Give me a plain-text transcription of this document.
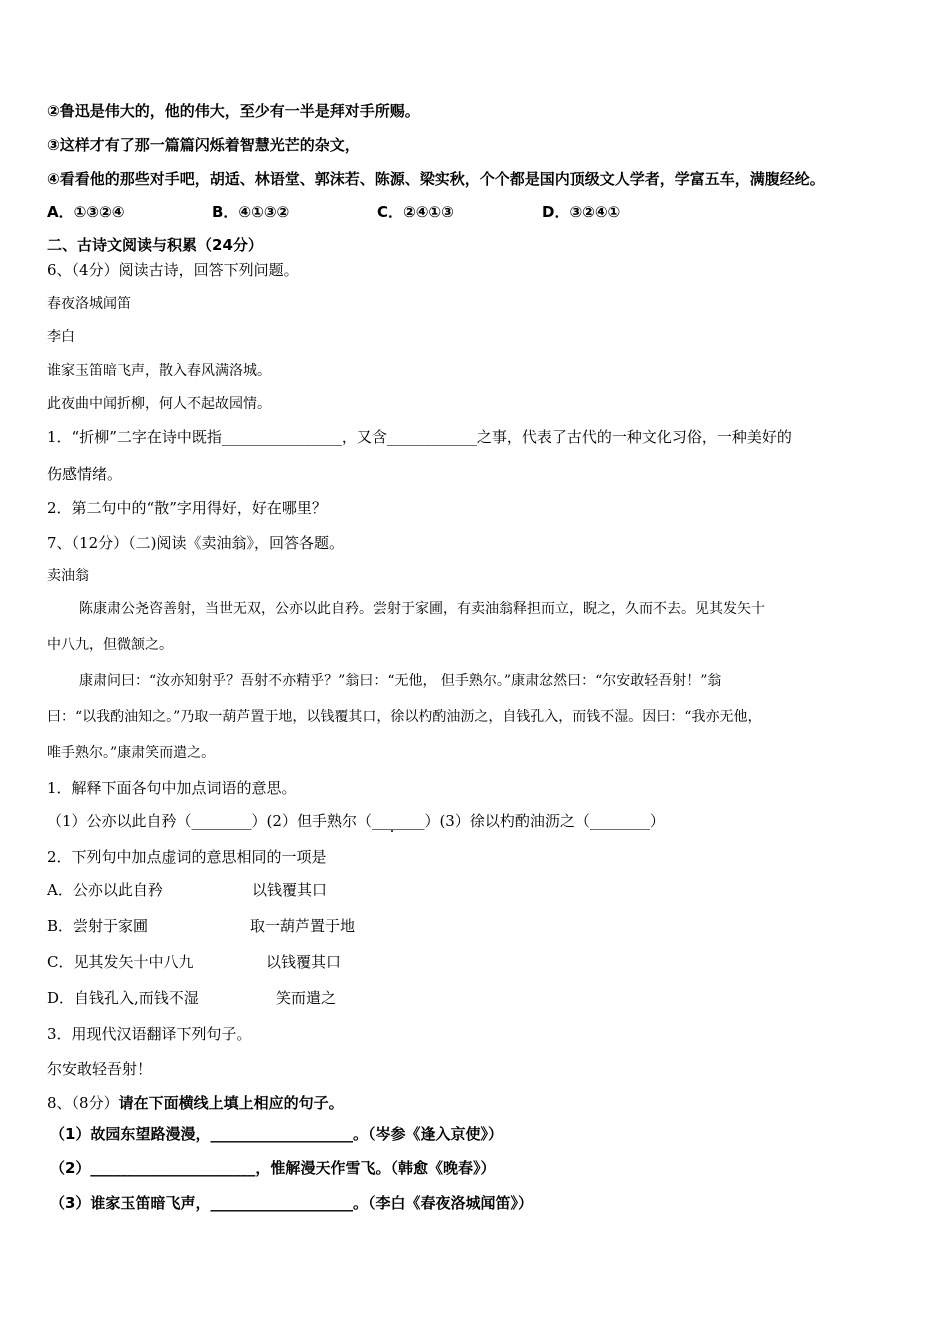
②鲁迅是伟大的，他的伟大，至少有一半是拜对手所赐。
③这样才有了那一篇篇闪烁着智慧光芒的杂文，
④看看他的那些对手吧，胡适、林语堂、郭沫若、陈源、梁实秋，个个都是国内顶级文人学者，学富五车，满腹经纶。
A．①③②④	B．④①③②	C．②④①③	D．③②④①
二、古诗文阅读与积累（24分）
6、（4分）阅读古诗，回答下列问题。
春夜洛城闻笛
李白
谁家玉笛暗飞声，散入春风满洛城。
此夜曲中闻折柳，何人不起故园情。
1．“折柳”二字在诗中既指________________，又含____________之事，代表了古代的一种文化习俗，一种美好的
伤感情绪。
2．第二句中的“散”字用得好，好在哪里？
7、（12分）（二)阅读《卖油翁》，回答各题。
卖油翁
陈康肃公尧咨善射，当世无双，公亦以此自矜。尝射于家圃，有卖油翁释担而立，睨之，久而不去。见其发矢十
中八九，但微颔之。
康肃问曰：“汝亦知射乎？吾射不亦精乎？”翁曰：“无他， 但手熟尔。”康肃忿然曰：“尔安敢轻吾射！”翁
曰：“以我酌油知之。”乃取一葫芦置于地，以钱覆其口，徐以杓酌油沥之，自钱孔入，而钱不湿。因曰：“我亦无他，
唯手熟尔。”康肃笑而遣之。
1．解释下面各句中加点词语的意思。
（1）公亦以此自矜（________）(2）但手熟尔（_______）(3）徐以杓酌油沥之（________）
2．下列句中加点虚词的意思相同的一项是
A．公亦以此自矜	以钱覆其口
B．尝射于家圃	取一葫芦置于地
C．见其发矢十中八九	以钱覆其口
D．自钱孔入,而钱不湿	笑而遣之
3．用现代汉语翻译下列句子。
尔安敢轻吾射！
8、（8分）请在下面横线上填上相应的句子。
（1）故园东望路漫漫，___________________。（岑参《逢入京使》）
（2）______________________，惟解漫天作雪飞。（韩愈《晚春》）
（3）谁家玉笛暗飞声，___________________。（李白《春夜洛城闻笛》）
